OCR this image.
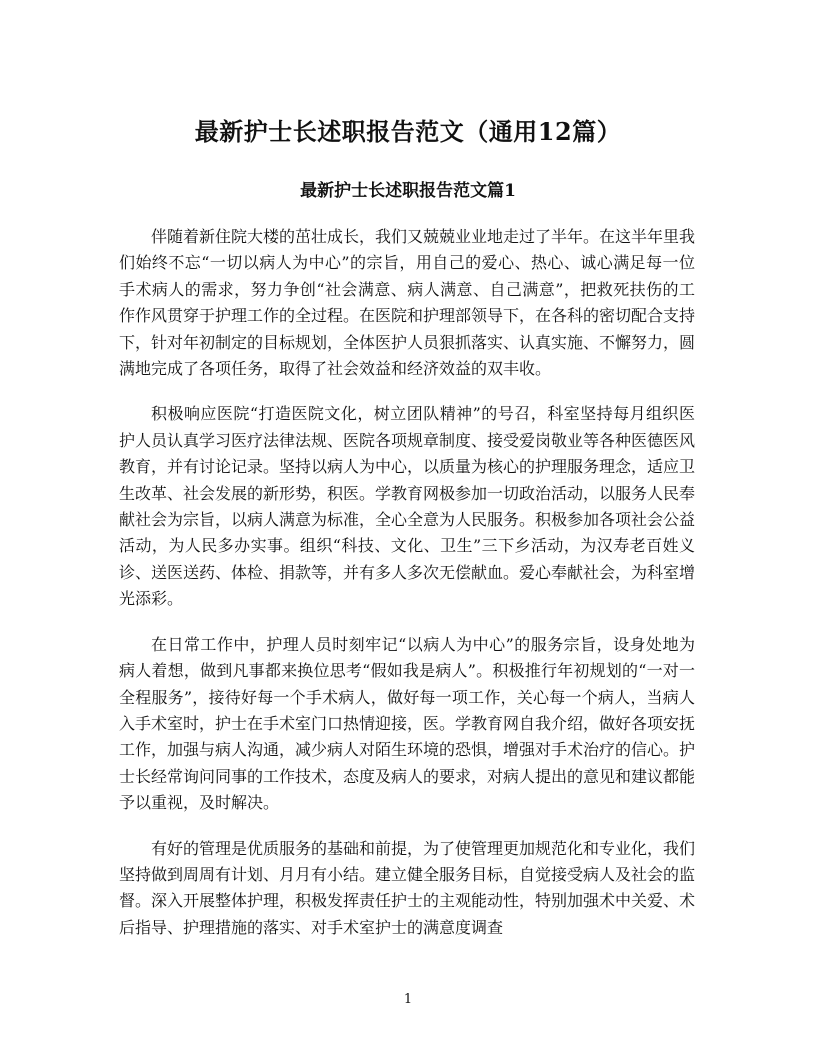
最新护士长述职报告范文（通用12篇）
最新护士长述职报告范文篇1

伴随着新住院大楼的茁壮成长，我们又兢兢业业地走过了半年。在这半年里我们始终不忘“一切以病人为中心”的宗旨，用自己的爱心、热心、诚心满足每一位手术病人的需求，努力争创“社会满意、病人满意、自己满意”，把救死扶伤的工作作风贯穿于护理工作的全过程。在医院和护理部领导下，在各科的密切配合支持下，针对年初制定的目标规划，全体医护人员狠抓落实、认真实施、不懈努力，圆满地完成了各项任务，取得了社会效益和经济效益的双丰收。

积极响应医院“打造医院文化，树立团队精神”的号召，科室坚持每月组织医护人员认真学习医疗法律法规、医院各项规章制度、接受爱岗敬业等各种医德医风教育，并有讨论记录。坚持以病人为中心，以质量为核心的护理服务理念，适应卫生改革、社会发展的新形势，积医。学教育网极参加一切政治活动，以服务人民奉献社会为宗旨，以病人满意为标准，全心全意为人民服务。积极参加各项社会公益活动，为人民多办实事。组织“科技、文化、卫生”三下乡活动，为汉寿老百姓义诊、送医送药、体检、捐款等，并有多人多次无偿献血。爱心奉献社会，为科室增光添彩。

在日常工作中，护理人员时刻牢记“以病人为中心”的服务宗旨，设身处地为病人着想，做到凡事都来换位思考“假如我是病人”。积极推行年初规划的“一对一全程服务”，接待好每一个手术病人，做好每一项工作，关心每一个病人，当病人入手术室时，护士在手术室门口热情迎接，医。学教育网自我介绍，做好各项安抚工作，加强与病人沟通，减少病人对陌生环境的恐惧，增强对手术治疗的信心。护士长经常询问同事的工作技术，态度及病人的要求，对病人提出的意见和建议都能予以重视，及时解决。

有好的管理是优质服务的基础和前提，为了使管理更加规范化和专业化，我们坚持做到周周有计划、月月有小结。建立健全服务目标，自觉接受病人及社会的监督。深入开展整体护理，积极发挥责任护士的主观能动性，特别加强术中关爱、术后指导、护理措施的落实、对手术室护士的满意度调查

1
